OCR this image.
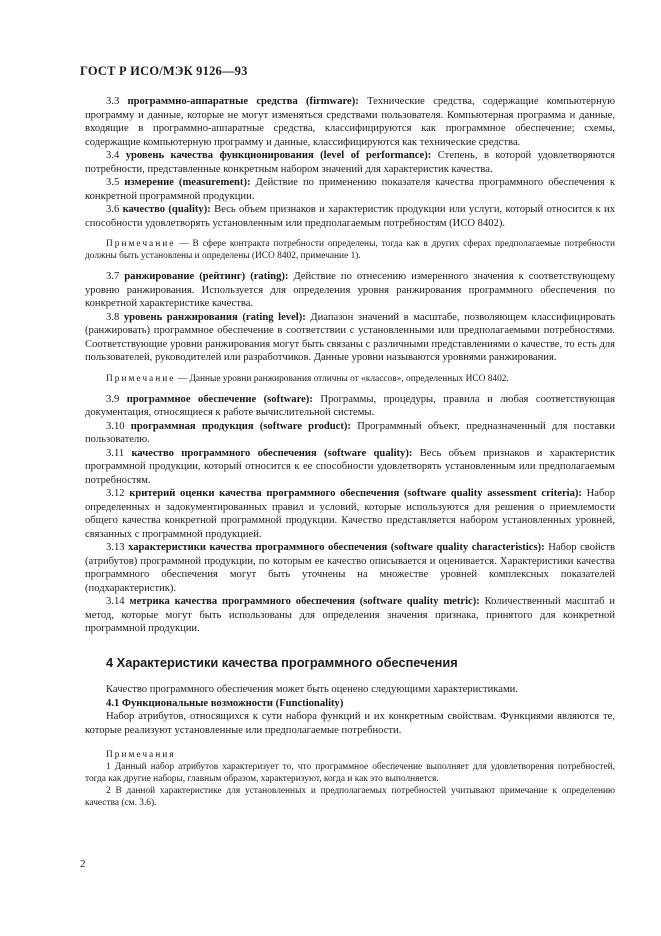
ГОСТ Р ИСО/МЭК 9126—93

3.3 программно-аппаратные средства (firmware): Технические средства, содержащие компьютерную программу и данные, которые не могут изменяться средствами пользователя. Компьютерная программа и данные, входящие в программно-аппаратные средства, классифицируются как программное обеспечение; схемы, содержащие компьютерную программу и данные, классифицируются как технические средства.

3.4 уровень качества функционирования (level of performance): Степень, в которой удовлетворяются потребности, представленные конкретным набором значений для характеристик качества.

3.5 измерение (measurement): Действие по применению показателя качества программного обеспечения к конкретной программной продукции.

3.6 качество (quality): Весь объем признаков и характеристик продукции или услуги, который относится к их способности удовлетворять установленным или предполагаемым потребностям (ИСО 8402).

Примечание — В сфере контракта потребности определены, тогда как в других сферах предполагаемые потребности должны быть установлены и определены (ИСО 8402, примечание 1).

3.7 ранжирование (рейтинг) (rating): Действие по отнесению измеренного значения к соответствующему уровню ранжирования. Используется для определения уровня ранжирования программного обеспечения по конкретной характеристике качества.

3.8 уровень ранжирования (rating level): Диапазон значений в масштабе, позволяющем классифицировать (ранжировать) программное обеспечение в соответствии с установленными или предполагаемыми потребностями. Соответствующие уровни ранжирования могут быть связаны с различными представлениями о качестве, то есть для пользователей, руководителей или разработчиков. Данные уровни называются уровнями ранжирования.

Примечание — Данные уровни ранжирования отличны от «классов», определенных ИСО 8402.

3.9 программное обеспечение (software): Программы, процедуры, правила и любая соответствующая документация, относящиеся к работе вычислительной системы.

3.10 программная продукция (software product): Программный объект, предназначенный для поставки пользователю.

3.11 качество программного обеспечения (software quality): Весь объем признаков и характеристик программной продукции, который относится к ее способности удовлетворять установленным или предполагаемым потребностям.

3.12 критерий оценки качества программного обеспечения (software quality assessment criteria): Набор определенных и задокументированных правил и условий, которые используются для решения о приемлемости общего качества конкретной программной продукции. Качество представляется набором установленных уровней, связанных с программной продукцией.

3.13 характеристики качества программного обеспечения (software quality characteristics): Набор свойств (атрибутов) программной продукции, по которым ее качество описывается и оценивается. Характеристики качества программного обеспечения могут быть уточнены на множестве уровней комплексных показателей (подхарактеристик).

3.14 метрика качества программного обеспечения (software quality metric): Количественный масштаб и метод, которые могут быть использованы для определения значения признака, принятого для конкретной программной продукции.

4 Характеристики качества программного обеспечения

Качество программного обеспечения может быть оценено следующими характеристиками.

4.1 Функциональные возможности (Functionality)

Набор атрибутов, относящихся к сути набора функций и их конкретным свойствам. Функциями являются те, которые реализуют установленные или предполагаемые потребности.

Примечания

1 Данный набор атрибутов характеризует то, что программное обеспечение выполняет для удовлетворения потребностей, тогда как другие наборы, главным образом, характеризуют, когда и как это выполняется.

2 В данной характеристике для установленных и предполагаемых потребностей учитывают примечание к определению качества (см. 3.6).

2
